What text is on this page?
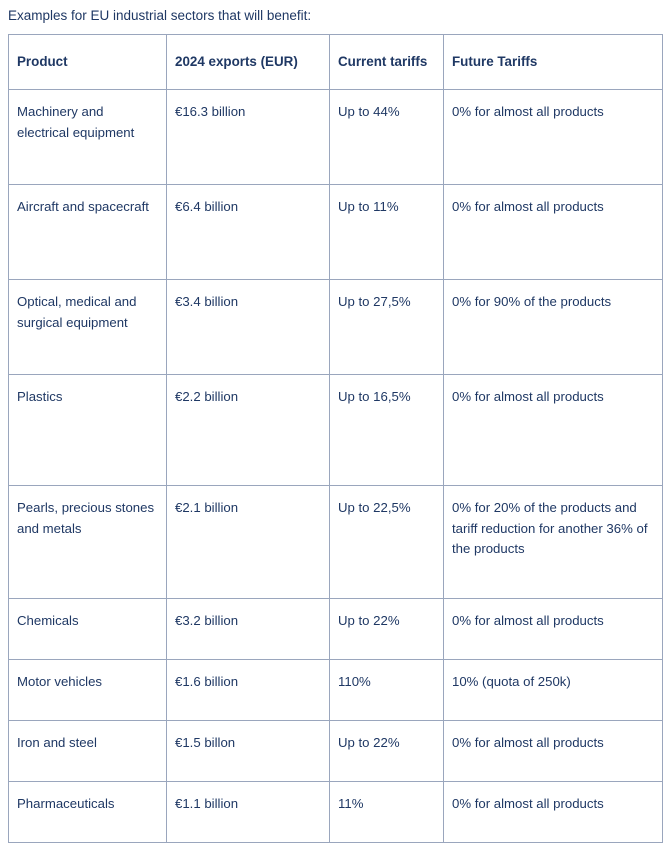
Examples for EU industrial sectors that will benefit:
Product	2024 exports (EUR)	Current tariffs	Future Tariffs
Machinery and electrical equipment	€16.3 billion	Up to 44%	0% for almost all products
Aircraft and spacecraft	€6.4 billion	Up to 11%	0% for almost all products
Optical, medical and surgical equipment	€3.4 billion	Up to 27,5%	0% for 90% of the products
Plastics	€2.2 billion	Up to 16,5%	0% for almost all products
Pearls, precious stones and metals	€2.1 billion	Up to 22,5%	0% for 20% of the products and tariff reduction for another 36% of the products
Chemicals	€3.2 billion	Up to 22%	0% for almost all products
Motor vehicles	€1.6 billion	110%	10% (quota of 250k)
Iron and steel	€1.5 billon	Up to 22%	0% for almost all products
Pharmaceuticals	€1.1 billion	11%	0% for almost all products
